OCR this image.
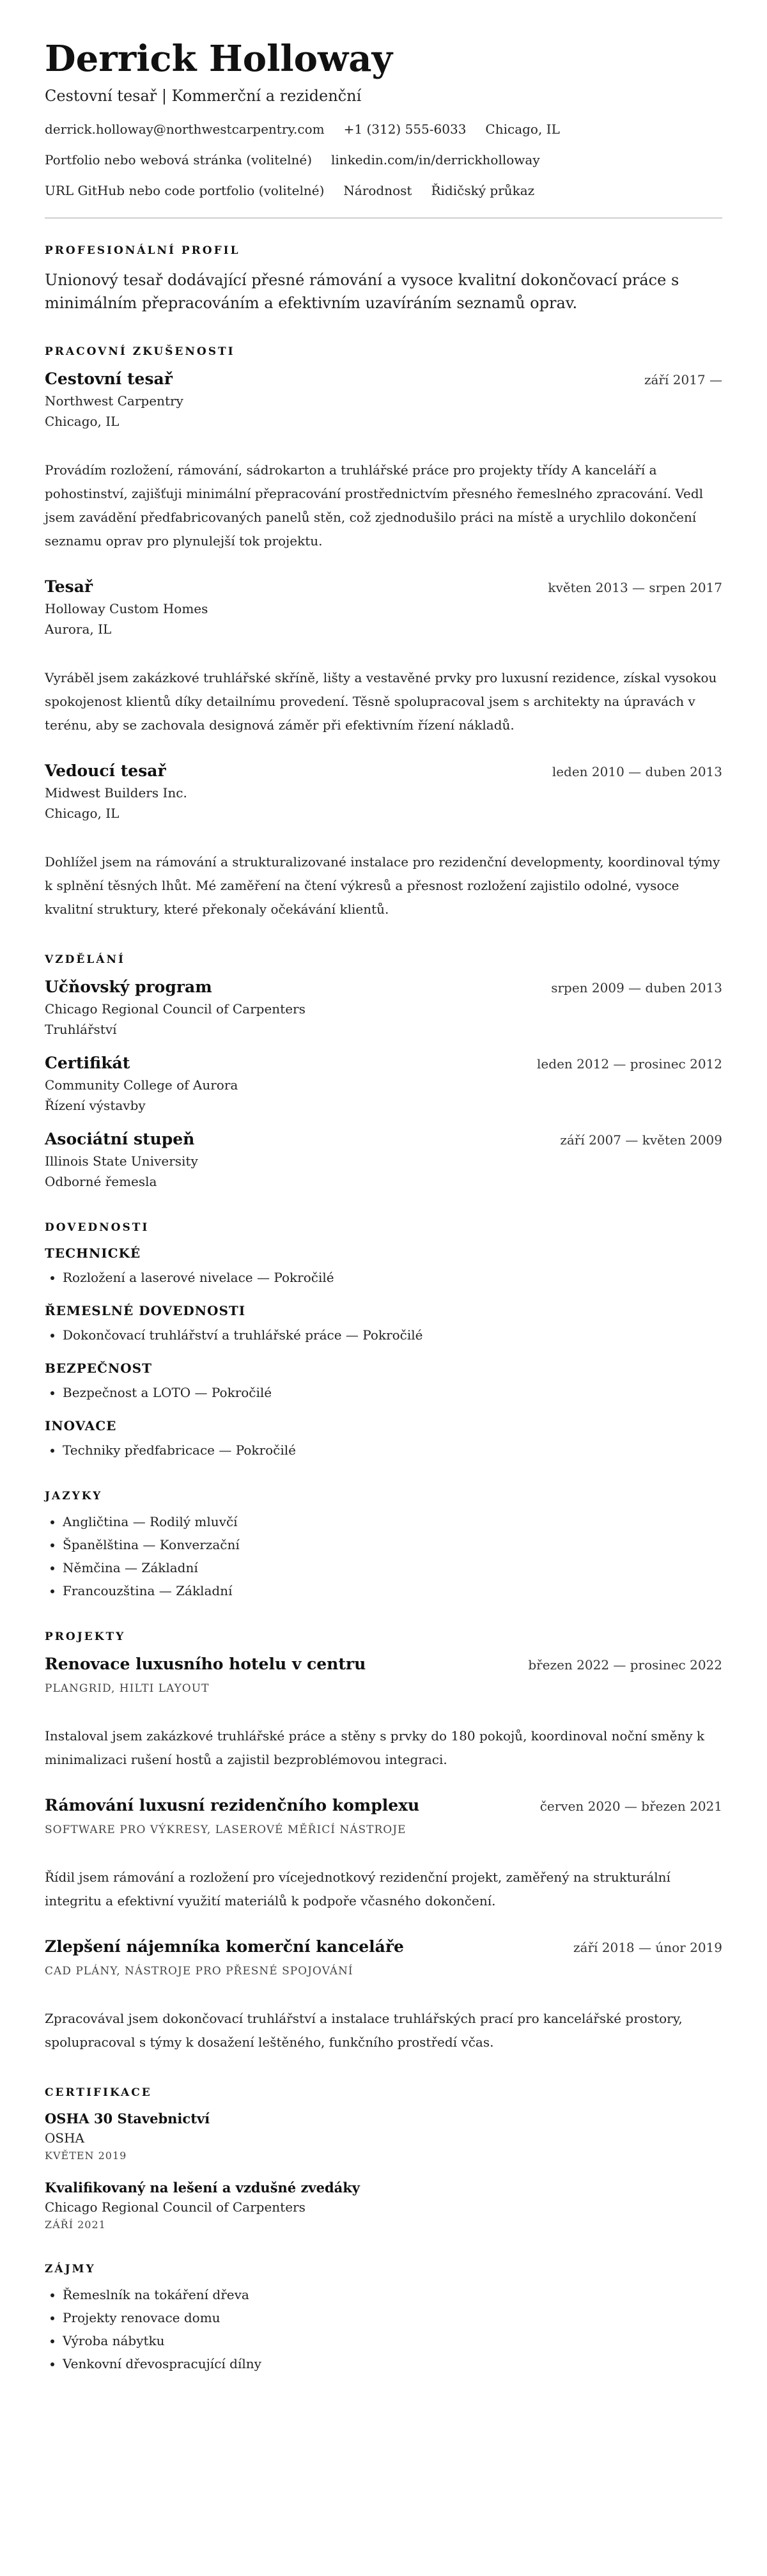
Derrick Holloway
Cestovní tesař | Kommerční a rezidenční
derrick.holloway@northwestcarpentry.com +1 (312) 555-6033 Chicago, IL
Portfolio nebo webová stránka (volitelné) linkedin.com/in/derrickholloway
URL GitHub nebo code portfolio (volitelné) Národnost Řidičský průkaz
PROFESIONÁLNÍ PROFIL
Unionový tesař dodávající přesné rámování a vysoce kvalitní dokončovací práce s minimálním přepracováním a efektivním uzavíráním seznamů oprav.
PRACOVNÍ ZKUŠENOSTI
Cestovní tesař	září 2017 —
Northwest Carpentry
Chicago, IL
Provádím rozložení, rámování, sádrokarton a truhlářské práce pro projekty třídy A kanceláří a pohostinství, zajišťuji minimální přepracování prostřednictvím přesného řemeslného zpracování. Vedl jsem zavádění předfabricovaných panelů stěn, což zjednodušilo práci na místě a urychlilo dokončení seznamu oprav pro plynulejší tok projektu.
Tesař	květen 2013 — srpen 2017
Holloway Custom Homes
Aurora, IL
Vyráběl jsem zakázkové truhlářské skříně, lišty a vestavěné prvky pro luxusní rezidence, získal vysokou spokojenost klientů díky detailnímu provedení. Těsně spolupracoval jsem s architekty na úpravách v terénu, aby se zachovala designová záměr při efektivním řízení nákladů.
Vedoucí tesař	leden 2010 — duben 2013
Midwest Builders Inc.
Chicago, IL
Dohlížel jsem na rámování a strukturalizované instalace pro rezidenční developmenty, koordinoval týmy k splnění těsných lhůt. Mé zaměření na čtení výkresů a přesnost rozložení zajistilo odolné, vysoce kvalitní struktury, které překonaly očekávání klientů.
VZDĚLÁNÍ
Učňovský program	srpen 2009 — duben 2013
Chicago Regional Council of Carpenters
Truhlářství
Certifikát	leden 2012 — prosinec 2012
Community College of Aurora
Řízení výstavby
Asociátní stupeň	září 2007 — květen 2009
Illinois State University
Odborné řemesla
DOVEDNOSTI
TECHNICKÉ
• Rozložení a laserové nivelace — Pokročilé
ŘEMESLNÉ DOVEDNOSTI
• Dokončovací truhlářství a truhlářské práce — Pokročilé
BEZPEČNOST
• Bezpečnost a LOTO — Pokročilé
INOVACE
• Techniky předfabricace — Pokročilé
JAZYKY
• Angličtina — Rodilý mluvčí
• Španělština — Konverzační
• Němčina — Základní
• Francouzština — Základní
PROJEKTY
Renovace luxusního hotelu v centru	březen 2022 — prosinec 2022
PLANGRID, HILTI LAYOUT
Instaloval jsem zakázkové truhlářské práce a stěny s prvky do 180 pokojů, koordinoval noční směny k minimalizaci rušení hostů a zajistil bezproblémovou integraci.
Rámování luxusní rezidenčního komplexu	červen 2020 — březen 2021
SOFTWARE PRO VÝKRESY, LASEROVÉ MĚŘICÍ NÁSTROJE
Řídil jsem rámování a rozložení pro vícejednotkový rezidenční projekt, zaměřený na strukturální integritu a efektivní využití materiálů k podpoře včasného dokončení.
Zlepšení nájemníka komerční kanceláře	září 2018 — únor 2019
CAD PLÁNY, NÁSTROJE PRO PŘESNÉ SPOJOVÁNÍ
Zpracovával jsem dokončovací truhlářství a instalace truhlářských prací pro kancelářské prostory, spolupracoval s týmy k dosažení leštěného, funkčního prostředí včas.
CERTIFIKACE
OSHA 30 Stavebnictví
OSHA
KVĚTEN 2019
Kvalifikovaný na lešení a vzdušné zvedáky
Chicago Regional Council of Carpenters
ZÁŘÍ 2021
ZÁJMY
• Řemeslník na tokáření dřeva
• Projekty renovace domu
• Výroba nábytku
• Venkovní dřevospracující dílny
